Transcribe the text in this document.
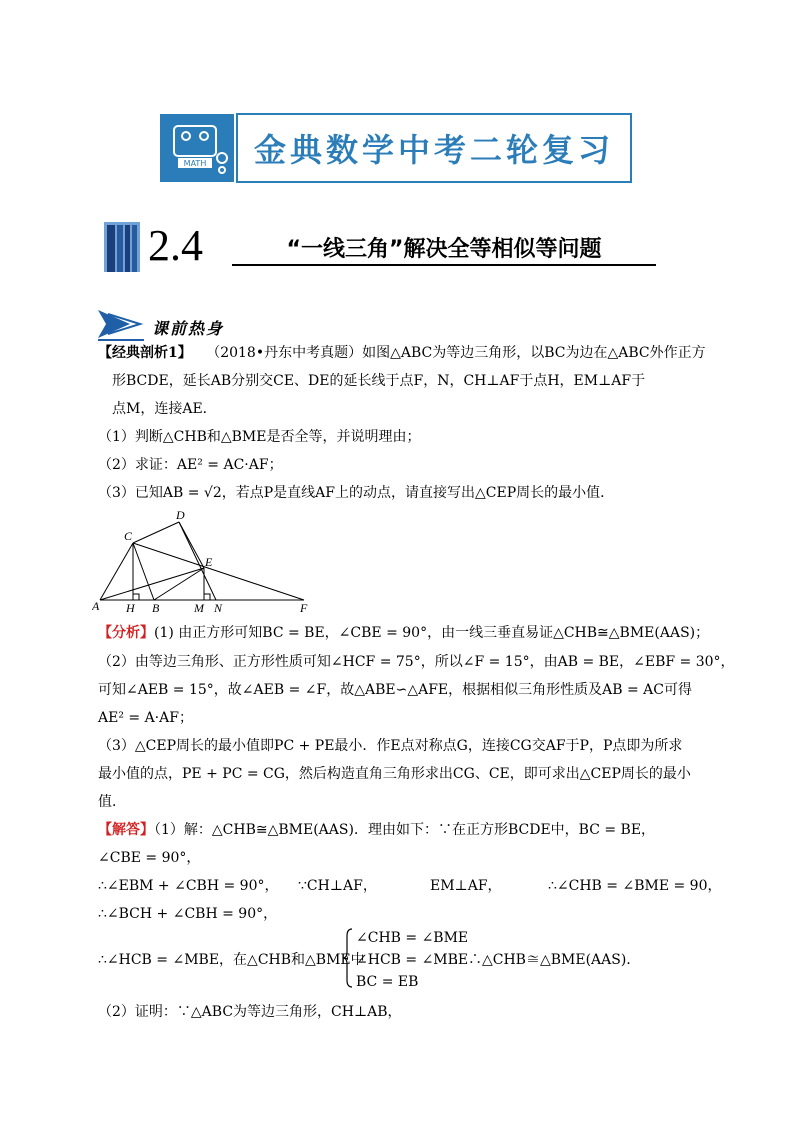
MATH 金典数学中考二轮复习
2.4	“一线三角”解决全等相似等问题
课前热身
【经典剖析1】 （2018•丹东中考真题）如图△ABC为等边三角形，以BC为边在△ABC外作正方
形BCDE，延长AB分别交CE、DE的延长线于点F，N，CH⊥AF于点H，EM⊥AF于
点M，连接AE．
（1）判断△CHB和△BME是否全等，并说明理由；
（2）求证：AE² = AC·AF；
（3）已知AB = √2，若点P是直线AF上的动点，请直接写出△CEP周长的最小值．
A H B
C
D
E
M N	F
【分析】(1) 由正方形可知BC = BE，∠CBE = 90°，由一线三垂直易证△CHB≅△BME(AAS)；
（2）由等边三角形、正方形性质可知∠HCF = 75°，所以∠F = 15°，由AB = BE，∠EBF = 30°，
可知∠AEB = 15°，故∠AEB = ∠F，故△ABE∽△AFE，根据相似三角形性质及AB = AC可得
AE² = A·AF；
（3）△CEP周长的最小值即PC + PE最小．作E点对称点G，连接CG交AF于P，P点即为所求
最小值的点，PE + PC = CG，然后构造直角三角形求出CG、CE，即可求出△CEP周长的最小
值．
【解答】（1）解：△CHB≅△BME(AAS)．理由如下：∵在正方形BCDE中，BC = BE，
∠CBE = 90°，
∴∠EBM + ∠CBH = 90°， ∵CH⊥AF，	EM⊥AF，	∴∠CHB = ∠BME = 90，
∴∠BCH + ∠CBH = 90°，
∴∠HCB = ∠MBE，在△CHB和△BME中
∠CHB = ∠BME
∠HCB = ∠MBE
BC = EB
．∴△CHB≅△BME(AAS)．
（2）证明：∵△ABC为等边三角形，CH⊥AB，
